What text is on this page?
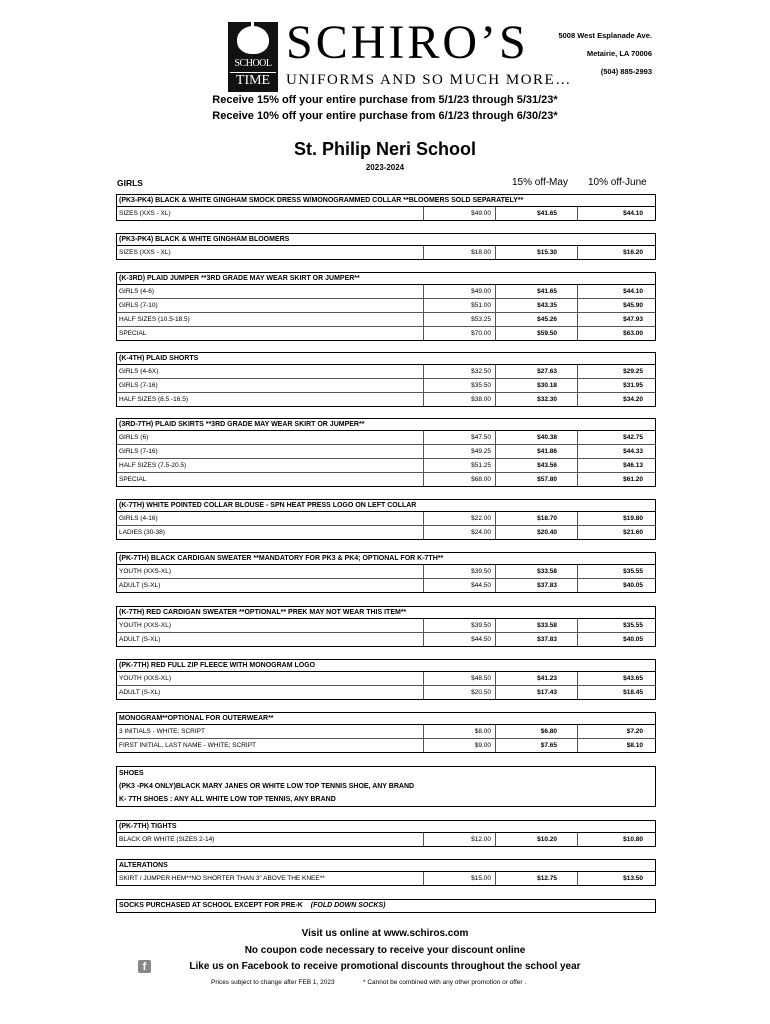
SCHOOL
TIME
SCHIRO’S
UNIFORMS AND SO MUCH MORE…
5008 West Esplanade Ave.
Metairie, LA 70006
(504) 885-2993
Receive 15% off your entire purchase from 5/1/23 through 5/31/23*
Receive 10% off your entire purchase from 6/1/23 through 6/30/23*
St. Philip Neri School
2023-2024
GIRLS	15% off-May 10% off-June
(PK3-PK4) BLACK & WHITE GINGHAM SMOCK DRESS W/MONOGRAMMED COLLAR **BLOOMERS SOLD SEPARATELY**
SIZES (XXS - XL)	$49.00	$41.65	$44.10
(PK3-PK4) BLACK & WHITE GINGHAM BLOOMERS
SIZES (XXS - XL)	$18.00	$15.30	$16.20
(K-3RD) PLAID JUMPER **3RD GRADE MAY WEAR SKIRT OR JUMPER**
GIRLS (4-6)	$49.00	$41.65	$44.10
GIRLS (7-10)	$51.00	$43.35	$45.90
HALF SIZES (10.5-18.5)	$53.25	$45.26	$47.93
SPECIAL	$70.00	$59.50	$63.00
(K-4TH) PLAID SHORTS
GIRLS (4-6X)	$32.50	$27.63	$29.25
GIRLS (7-16)	$35.50	$30.18	$31.95
HALF SIZES (8.5 -16.5)	$38.00	$32.30	$34.20
(3RD-7TH) PLAID SKIRTS **3RD GRADE MAY WEAR SKIRT OR JUMPER**
GIRLS (6)	$47.50	$40.38	$42.75
GIRLS (7-16)	$49.25	$41.86	$44.33
HALF SIZES (7.5-20.5)	$51.25	$43.56	$46.13
SPECIAL	$68.00	$57.80	$61.20
(K-7TH) WHITE POINTED COLLAR BLOUSE - SPN HEAT PRESS LOGO ON LEFT COLLAR
GIRLS (4-16)	$22.00	$18.70	$19.80
LADIES (30-38)	$24.00	$20.40	$21.60
(PK-7TH) BLACK CARDIGAN SWEATER **MANDATORY FOR PK3 & PK4; OPTIONAL FOR K-7TH**
YOUTH (XXS-XL)	$39.50	$33.58	$35.55
ADULT (S-XL)	$44.50	$37.83	$40.05
(K-7TH) RED CARDIGAN SWEATER **OPTIONAL** PREK MAY NOT WEAR THIS ITEM**
YOUTH (XXS-XL)	$39.50	$33.58	$35.55
ADULT (S-XL)	$44.50	$37.83	$40.05
(PK-7TH) RED FULL ZIP FLEECE WITH MONOGRAM LOGO
YOUTH (XXS-XL)	$48.50	$41.23	$43.65
ADULT (S-XL)	$20.50	$17.43	$18.45
MONOGRAM**OPTIONAL FOR OUTERWEAR**
3 INITIALS - WHITE; SCRIPT	$8.00	$6.80	$7.20
FIRST INITIAL, LAST NAME - WHITE; SCRIPT	$9.00	$7.65	$8.10
SHOES
(PK3 -PK4 ONLY)BLACK MARY JANES OR WHITE LOW TOP TENNIS SHOE, ANY BRAND
K- 7TH SHOES : ANY ALL WHITE LOW TOP TENNIS, ANY BRAND
(PK-7TH) TIGHTS
BLACK OR WHITE (SIZES 2-14)	$12.00	$10.20	$10.80
ALTERATIONS
SKIRT / JUMPER HEM**NO SHORTER THAN 3" ABOVE THE KNEE**	$15.00	$12.75	$13.50
SOCKS PURCHASED AT SCHOOL EXCEPT FOR PRE-K (FOLD DOWN SOCKS)
Visit us online at www.schiros.com
No coupon code necessary to receive your discount online
Like us on Facebook to receive promotional discounts throughout the school year
f
Prices subject to change after FEB 1, 2023	* Cannot be combined with any other promotion or offer .
